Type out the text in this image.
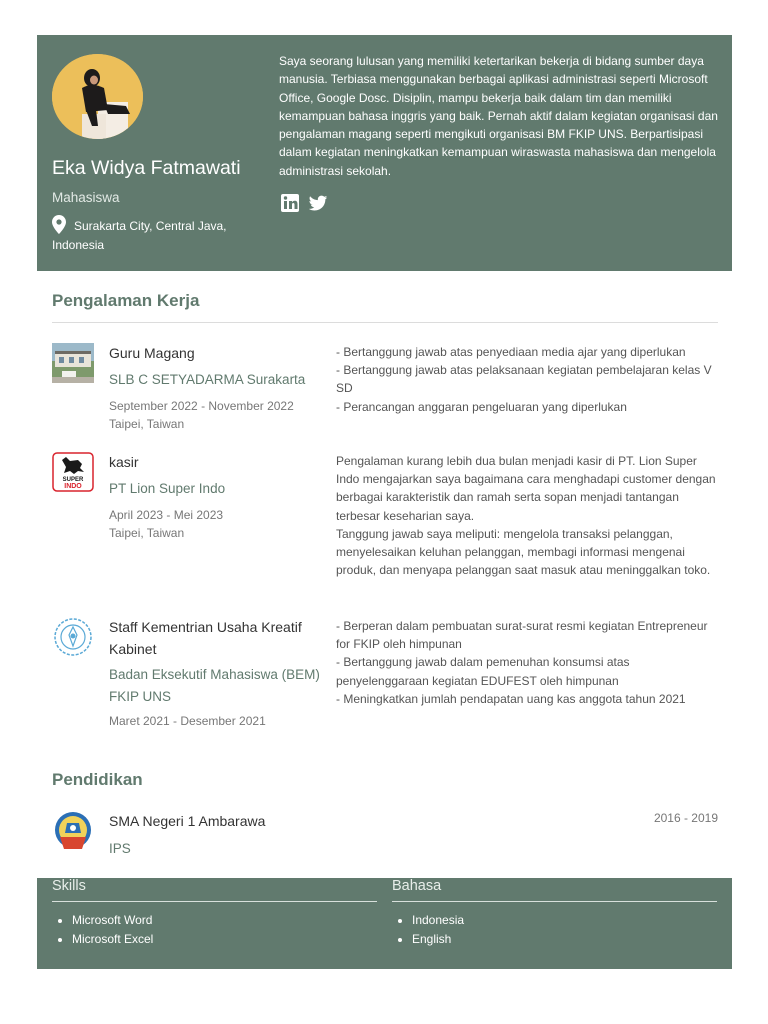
Eka Widya Fatmawati
Mahasiswa
Surakarta City, Central Java, Indonesia

Saya seorang lulusan yang memiliki ketertarikan bekerja di bidang sumber daya manusia. Terbiasa menggunakan berbagai aplikasi administrasi seperti Microsoft Office, Google Dosc. Disiplin, mampu bekerja baik dalam tim dan memiliki kemampuan bahasa inggris yang baik. Pernah aktif dalam kegiatan organisasi dan pengalaman magang seperti mengikuti organisasi BM FKIP UNS. Berpartisipasi dalam kegiatan meningkatkan kemampuan wiraswasta mahasiswa dan mengelola administrasi sekolah.

Pengalaman Kerja
Guru Magang
SLB C SETYADARMA Surakarta
September 2022 - November 2022
Taipei, Taiwan
- Bertanggung jawab atas penyediaan media ajar yang diperlukan
- Bertanggung jawab atas pelaksanaan kegiatan pembelajaran kelas V SD
- Perancangan anggaran pengeluaran yang diperlukan
SUPER
INDO
kasir
PT Lion Super Indo
April 2023 - Mei 2023
Taipei, Taiwan
Pengalaman kurang lebih dua bulan menjadi kasir di PT. Lion Super Indo mengajarkan saya bagaimana cara menghadapi customer dengan berbagai karakteristik dan ramah serta sopan menjadi tantangan terbesar keseharian saya.
Tanggung jawab saya meliputi: mengelola transaksi pelanggan, menyelesaikan keluhan pelanggan, membagi informasi mengenai produk, dan menyapa pelanggan saat masuk atau meninggalkan toko.
Staff Kementrian Usaha Kreatif Kabinet
Badan Eksekutif Mahasiswa (BEM) FKIP UNS
Maret 2021 - Desember 2021
- Berperan dalam pembuatan surat-surat resmi kegiatan Entrepreneur for FKIP oleh himpunan
- Bertanggung jawab dalam pemenuhan konsumsi atas penyelenggaraan kegiatan EDUFEST oleh himpunan
- Meningkatkan jumlah pendapatan uang kas anggota tahun 2021
Pendidikan
SMA Negeri 1 Ambarawa
IPS
2016 - 2019
Skills
• Microsoft Word
• Microsoft Excel
Bahasa
• Indonesia
• English
